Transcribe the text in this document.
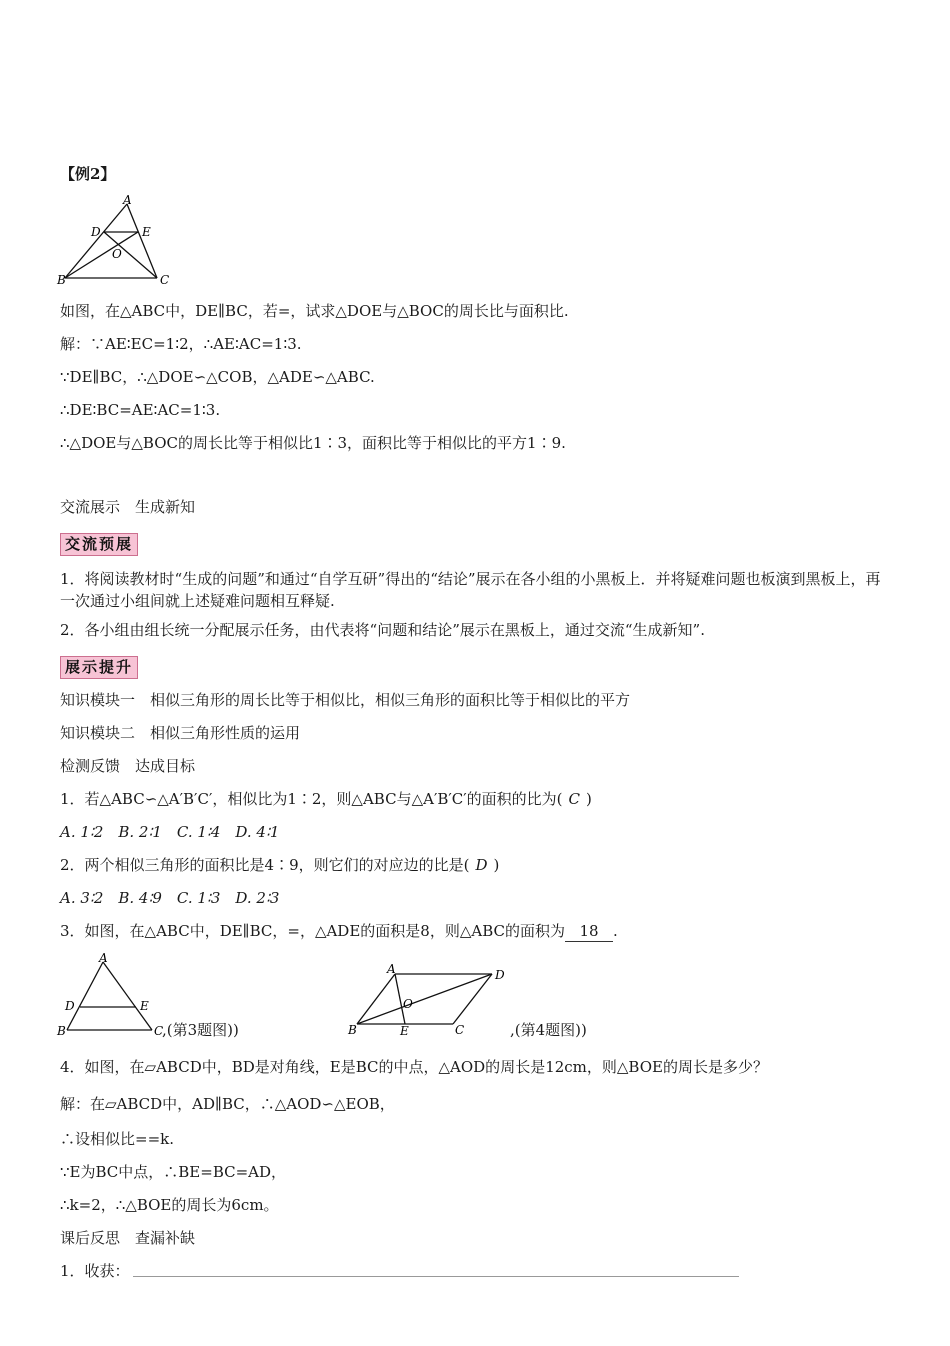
【例2】
A
D	E
O
B	C
如图，在△ABC中，DE∥BC，若=，试求△DOE与△BOC的周长比与面积比.
解：∵AE∶EC=1∶2，∴AE∶AC=1∶3.
∵DE∥BC，∴△DOE∽△COB，△ADE∽△ABC.
∴DE∶BC=AE∶AC=1∶3.
∴△DOE与△BOC的周长比等于相似比1∶3，面积比等于相似比的平方1∶9.
交流展示　生成新知
交流预展
1．将阅读教材时“生成的问题”和通过“自学互研”得出的“结论”展示在各小组的小黑板上．并将疑难问题也板演到黑板上，再一次通过小组间就上述疑难问题相互释疑.
2．各小组由组长统一分配展示任务，由代表将“问题和结论”展示在黑板上，通过交流“生成新知”.
展示提升
知识模块一　相似三角形的周长比等于相似比，相似三角形的面积比等于相似比的平方
知识模块二　相似三角形性质的运用
检测反馈　达成目标
1．若△ABC∽△A′B′C′，相似比为1∶2，则△ABC与△A′B′C′的面积的比为( C )
A. 1∶2　B. 2∶1　C. 1∶4　D. 4∶1
2．两个相似三角形的面积比是4∶9，则它们的对应边的比是( D )
A. 3∶2　B. 4∶9　C. 1∶3　D. 2∶3
3．如图，在△ABC中，DE∥BC，=，△ADE的面积是8，则△ABC的面积为 18 .
A
D	E
B	C
,(第3题图))
A	D
O
B	E	C	,(第4题图))
4．如图，在▱ABCD中，BD是对角线，E是BC的中点，△AOD的周长是12cm，则△BOE的周长是多少？
解：在▱ABCD中，AD∥BC，∴△AOD∽△EOB，
∴设相似比==k.
∵E为BC中点，∴BE=BC=AD，
∴k=2，∴△BOE的周长为6cm。
课后反思　查漏补缺
1．收获：
